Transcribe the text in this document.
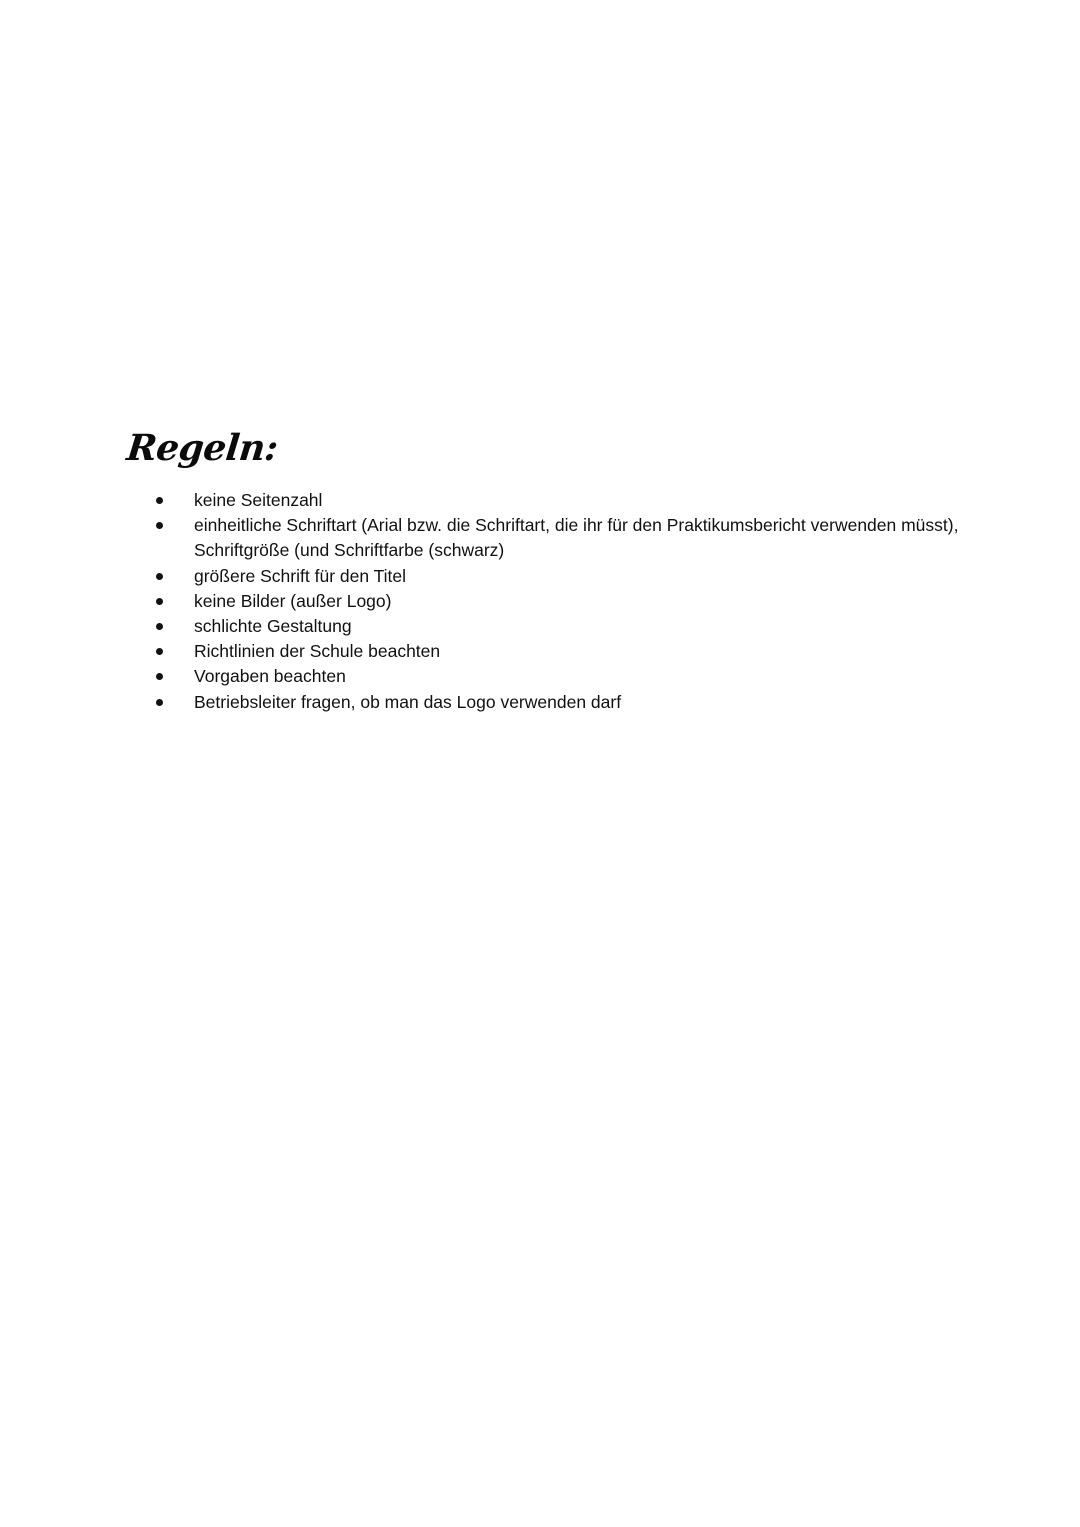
Regeln:
keine Seitenzahl
einheitliche Schriftart (Arial bzw. die Schriftart, die ihr für den Praktikumsbericht verwenden müsst), Schriftgröße (und Schriftfarbe (schwarz)
größere Schrift für den Titel
keine Bilder (außer Logo)
schlichte Gestaltung
Richtlinien der Schule beachten
Vorgaben beachten
Betriebsleiter fragen, ob man das Logo verwenden darf
